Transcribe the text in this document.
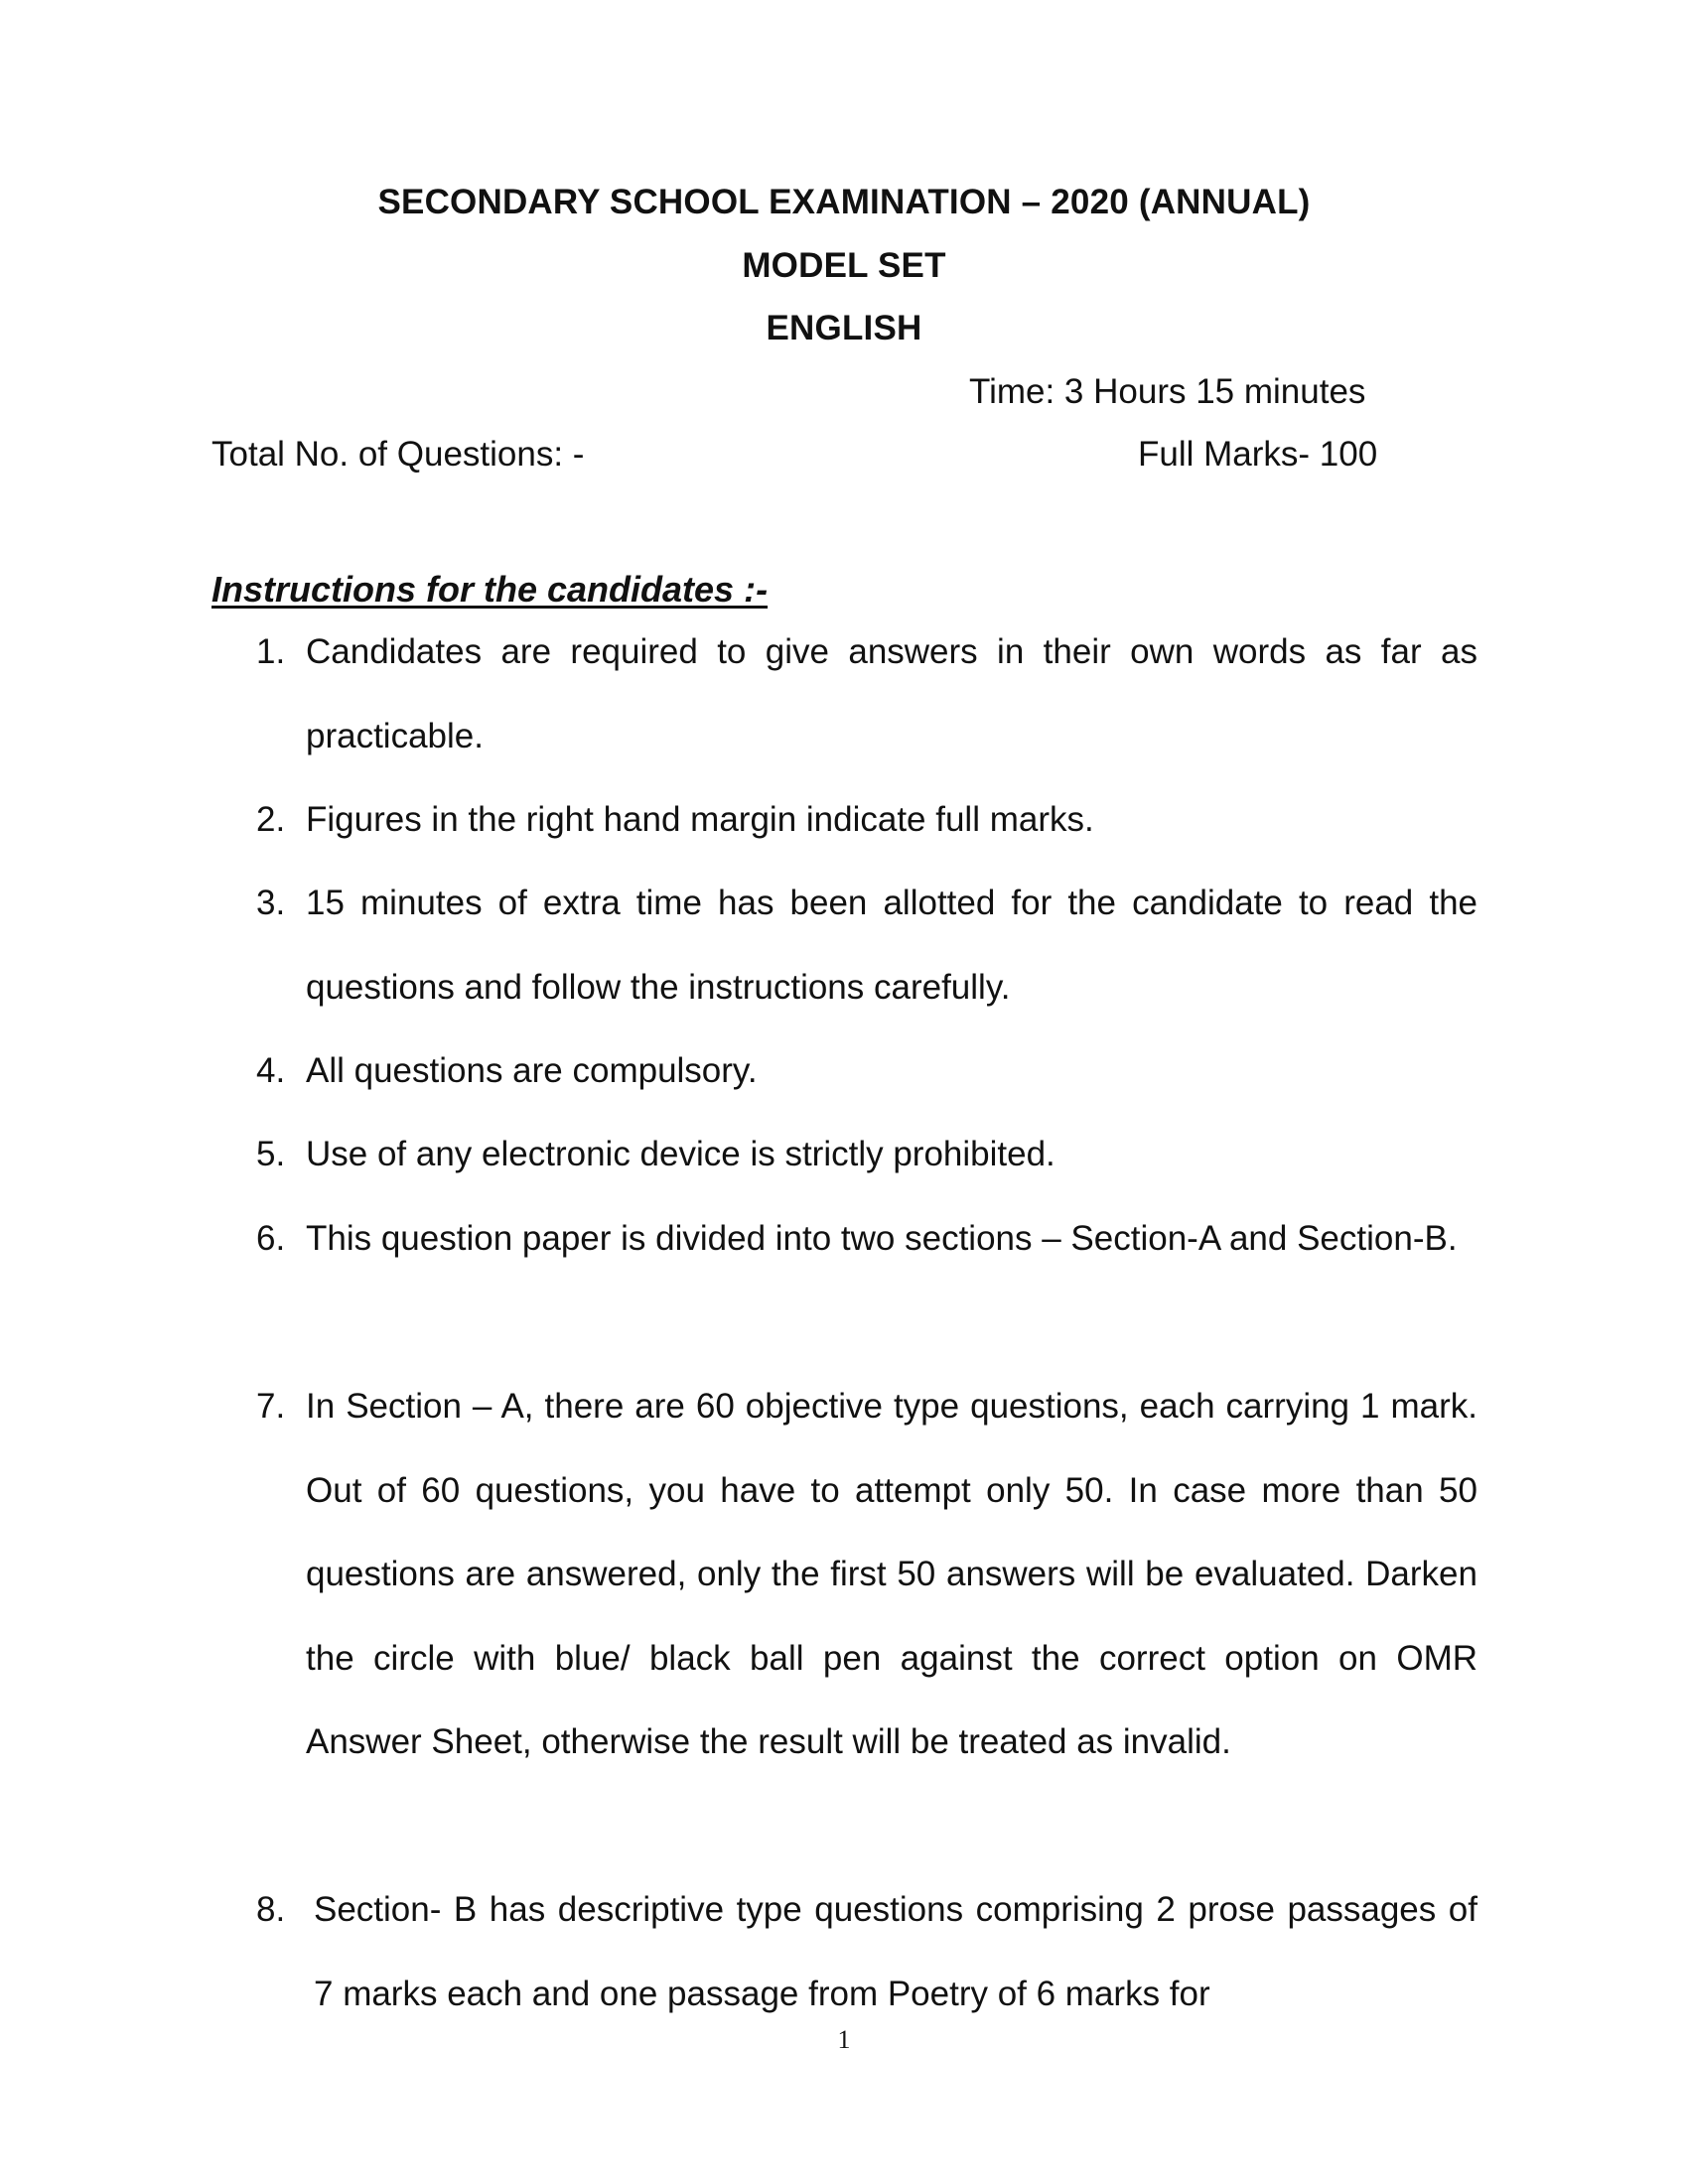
SECONDARY SCHOOL EXAMINATION – 2020 (ANNUAL)
MODEL SET
ENGLISH
Time: 3 Hours 15 minutes
Total No. of Questions: -	Full Marks- 100
Instructions for the candidates :-
1. Candidates are required to give answers in their own words as far as practicable.
2. Figures in the right hand margin indicate full marks.
3. 15 minutes of extra time has been allotted for the candidate to read the questions and follow the instructions carefully.
4. All questions are compulsory.
5. Use of any electronic device is strictly prohibited.
6. This question paper is divided into two sections – Section-A and Section-B.
7. In Section – A, there are 60 objective type questions, each carrying 1 mark. Out of 60 questions, you have to attempt only 50. In case more than 50 questions are answered, only the first 50 answers will be evaluated. Darken the circle with blue/ black ball pen against the correct option on OMR Answer Sheet, otherwise the result will be treated as invalid.
8. Section- B has descriptive type questions comprising 2 prose passages of 7 marks each and one passage from Poetry of 6 marks for
1
